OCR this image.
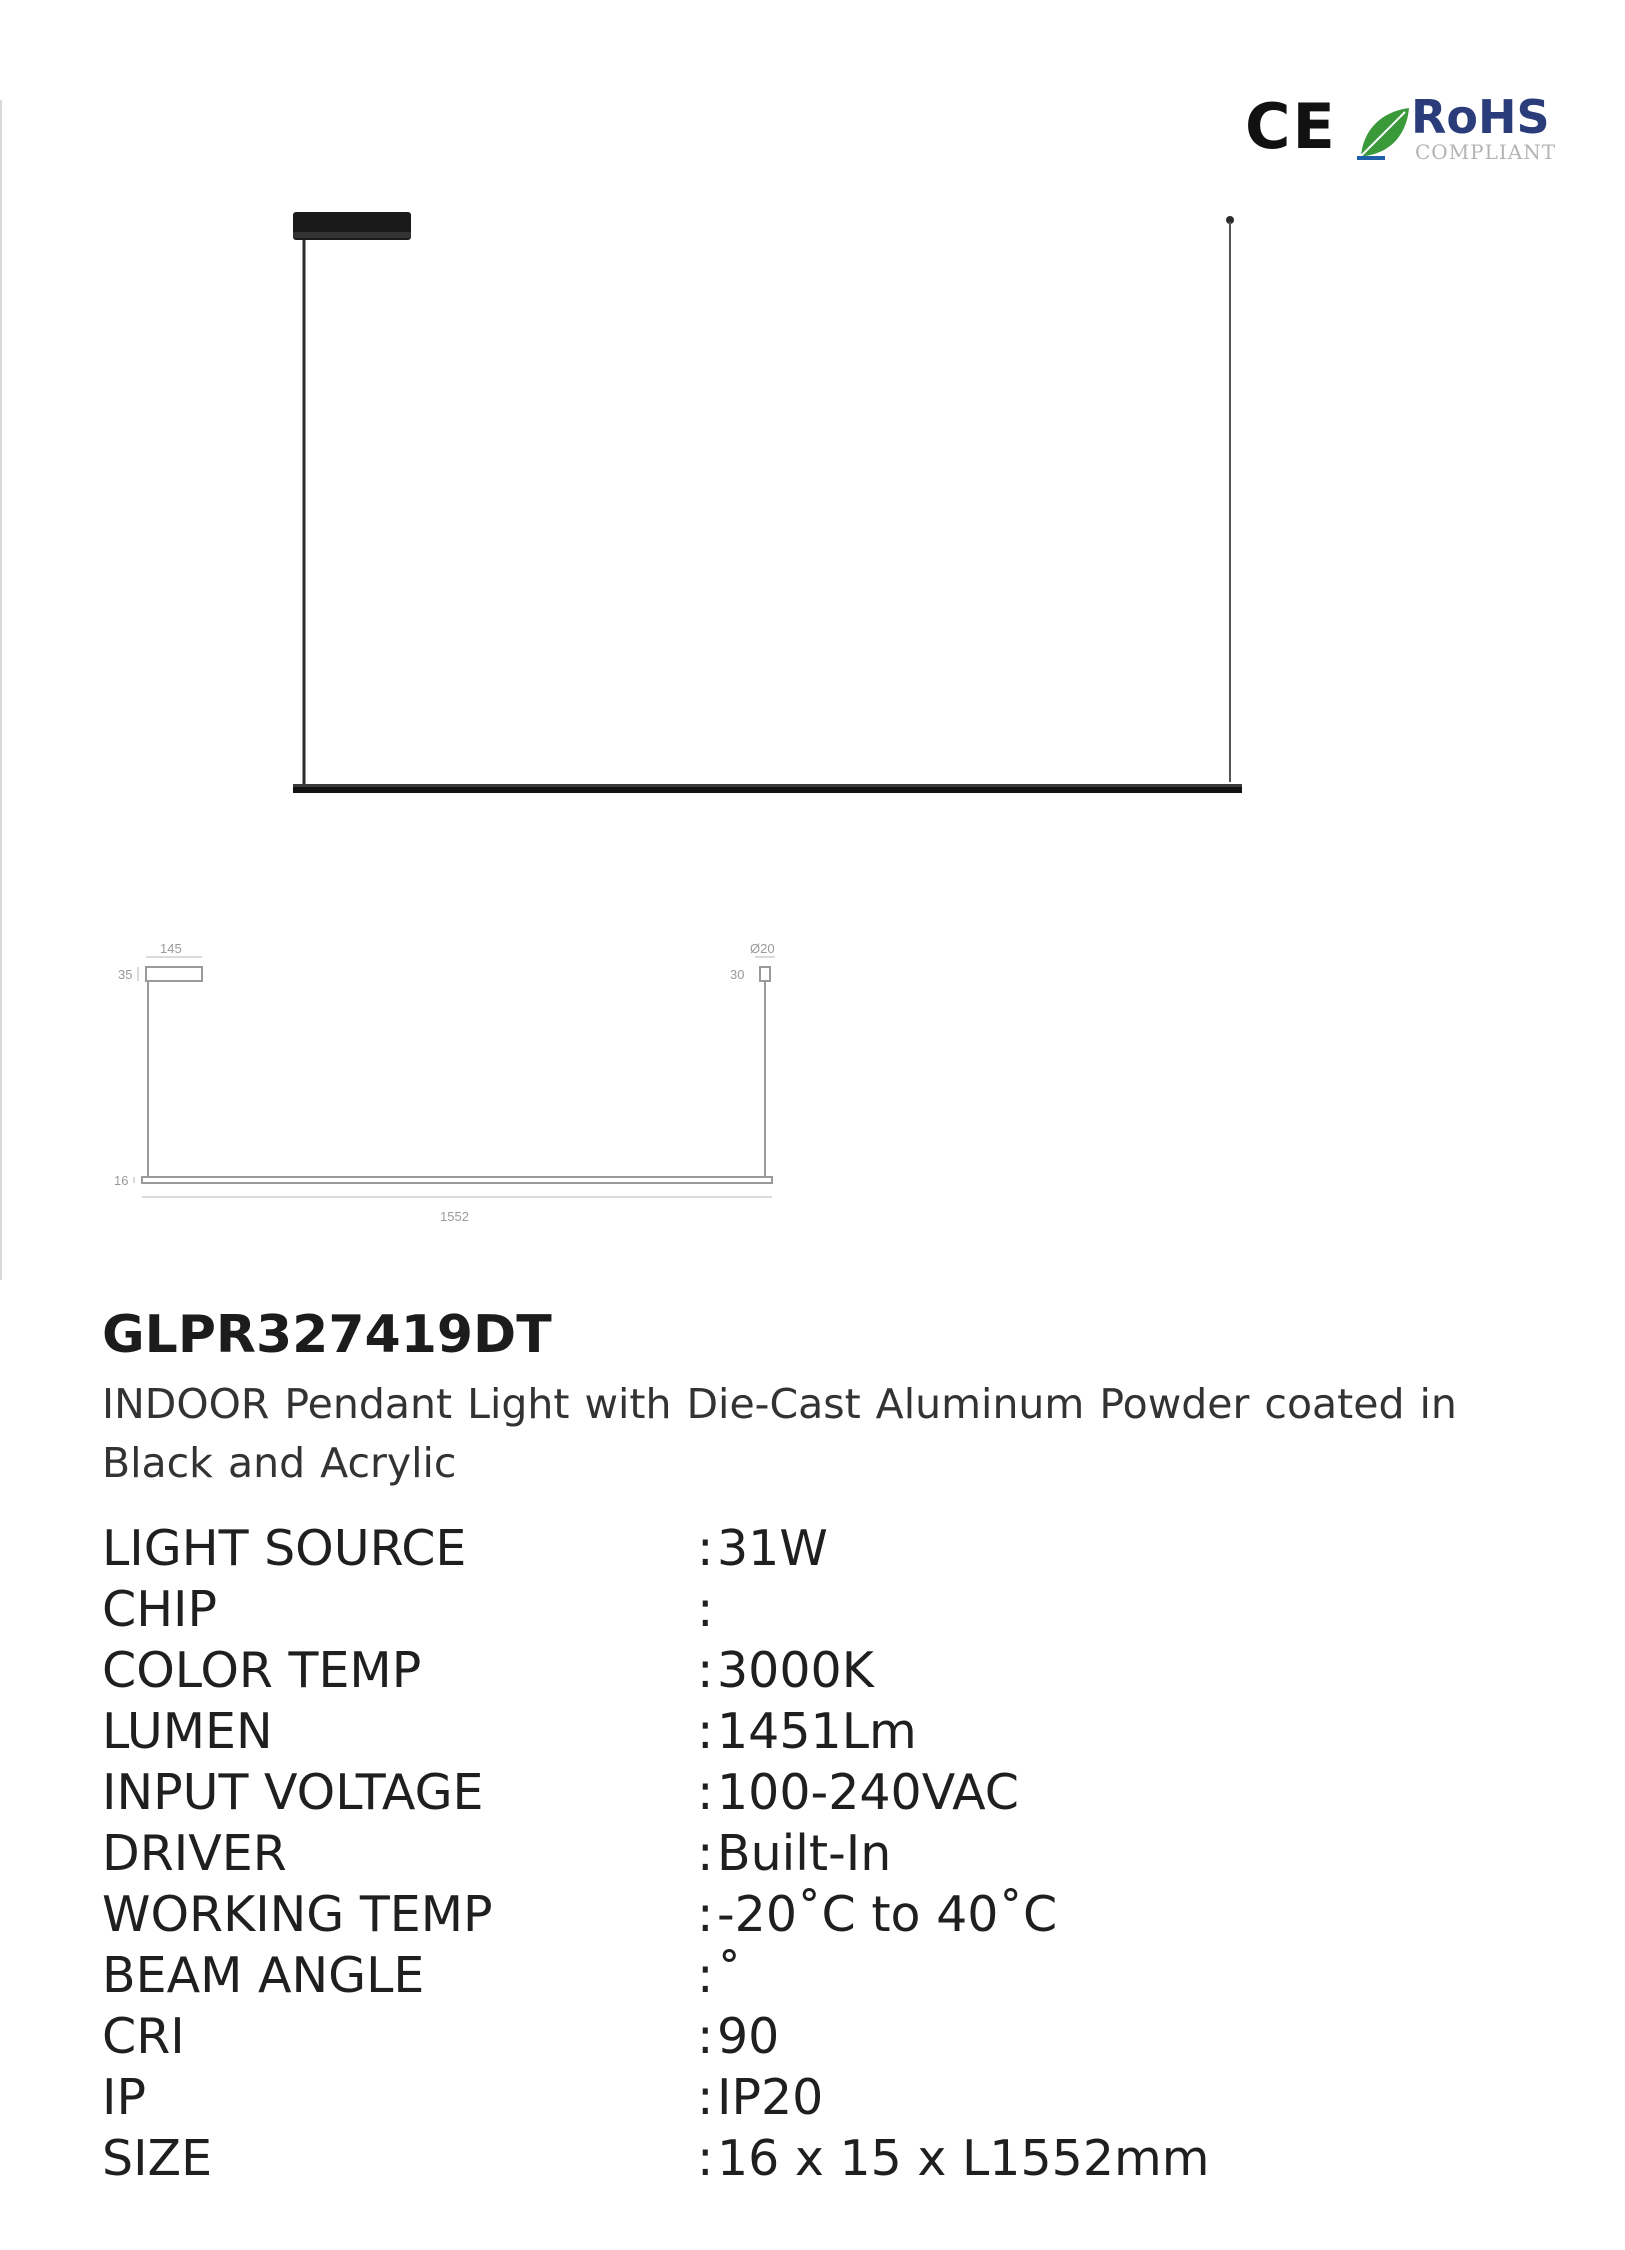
CE RoHS
COMPLIANT
145
35
Ø20
30
16
1552
GLPR327419DT

INDOOR Pendant Light with Die-Cast Aluminum Powder coated in Black and Acrylic

LIGHT SOURCE	: 31W
CHIP	:
COLOR TEMP	: 3000K
LUMEN	: 1451Lm
INPUT VOLTAGE	: 100-240VAC
DRIVER	: Built-In
WORKING TEMP	: -20˚C to 40˚C
BEAM ANGLE	: ˚
CRI	: 90
IP	: IP20
SIZE	: 16 x 15 x L1552mm
